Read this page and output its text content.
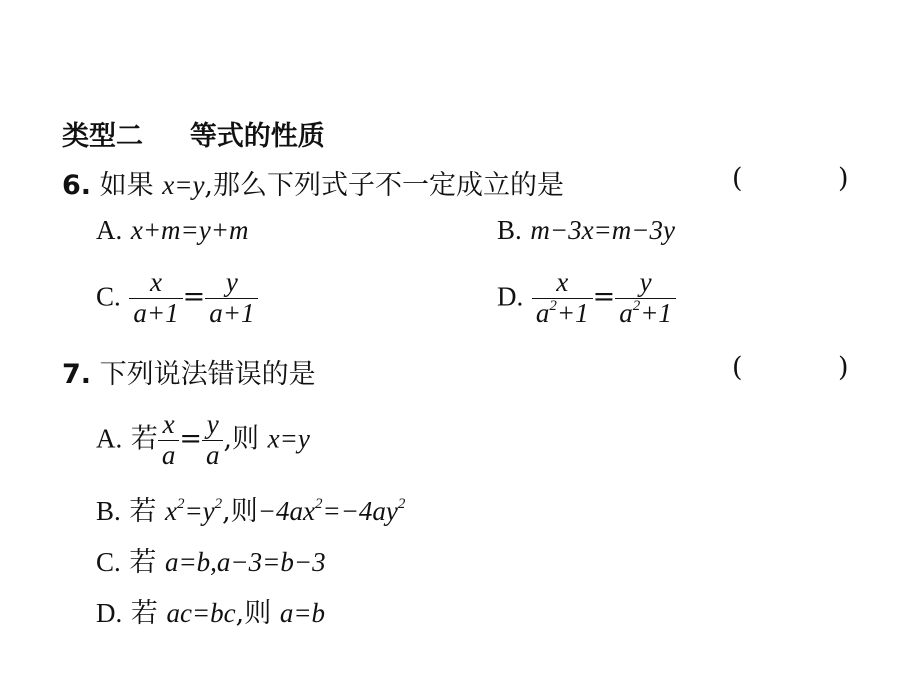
类型二 等式的性质
6. 如果 x=y,那么下列式子不一定成立的是	(	)
A. x+m=y+m	B. m−3x=m−3y
C. $\frac{x}{a+1} = \frac{y}{a+1}$	D. $\frac{x}{a^2+1} = \frac{y}{a^2+1}$
7. 下列说法错误的是	(	)
A. 若 $\frac{x}{a} = \frac{y}{a}$ ,则 x=y
B. 若 $x^2=y^2$,则$-4ax^2=-4ay^2$
C. 若 a=b,a−3=b−3
D. 若 ac=bc,则 a=b
